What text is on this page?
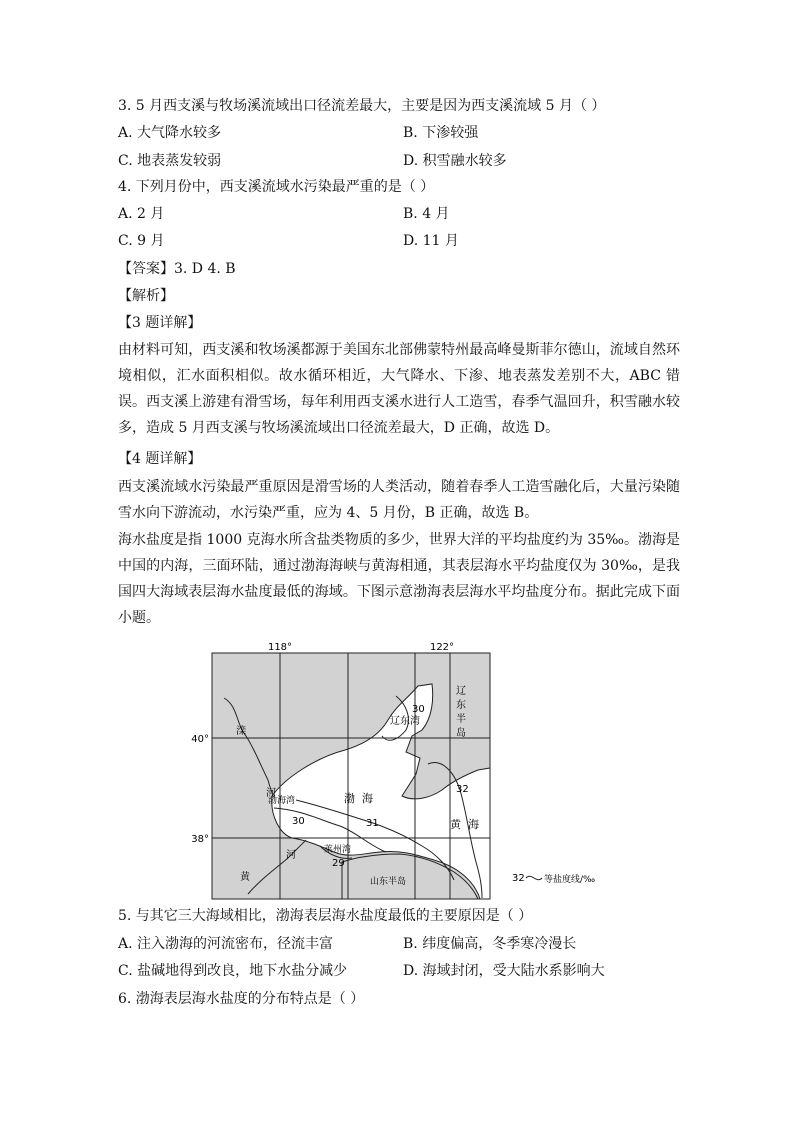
3. 5 月西支溪与牧场溪流域出口径流差最大，主要是因为西支溪流域 5 月（ ）
A. 大气降水较多	B. 下渗较强
C. 地表蒸发较弱	D. 积雪融水较多
4. 下列月份中，西支溪流域水污染最严重的是（ ）
A. 2 月	B. 4 月
C. 9 月	D. 11 月
【答案】3. D 4. B
【解析】
【3 题详解】
由材料可知，西支溪和牧场溪都源于美国东北部佛蒙特州最高峰曼斯菲尔德山，流域自然环境相似，汇水面积相似。故水循环相近，大气降水、下渗、地表蒸发差别不大，ABC 错误。西支溪上游建有滑雪场，每年利用西支溪水进行人工造雪，春季气温回升，积雪融水较多，造成 5 月西支溪与牧场溪流域出口径流差最大，D 正确，故选 D。
【4 题详解】
西支溪流域水污染最严重原因是滑雪场的人类活动，随着春季人工造雪融化后，大量污染随雪水向下游流动，水污染严重，应为 4、5 月份，B 正确，故选 B。
海水盐度是指 1000 克海水所含盐类物质的多少，世界大洋的平均盐度约为 35‰。渤海是中国的内海，三面环陆，通过渤海海峡与黄海相通，其表层海水平均盐度仅为 30‰，是我国四大海域表层海水盐度最低的海域。下图示意渤海表层海水平均盐度分布。据此完成下面小题。
118°	122°
40°
38°
滦
河
辽东湾
辽
东
半
岛
渤海湾	渤 海
黄 海
莱州湾
山东半岛
黄
河
30
30	31
29
32
32 等盐度线/‰
5. 与其它三大海域相比，渤海表层海水盐度最低的主要原因是（ ）
A. 注入渤海的河流密布，径流丰富	B. 纬度偏高，冬季寒冷漫长
C. 盐碱地得到改良，地下水盐分减少	D. 海域封闭，受大陆水系影响大
6. 渤海表层海水盐度的分布特点是（ ）
